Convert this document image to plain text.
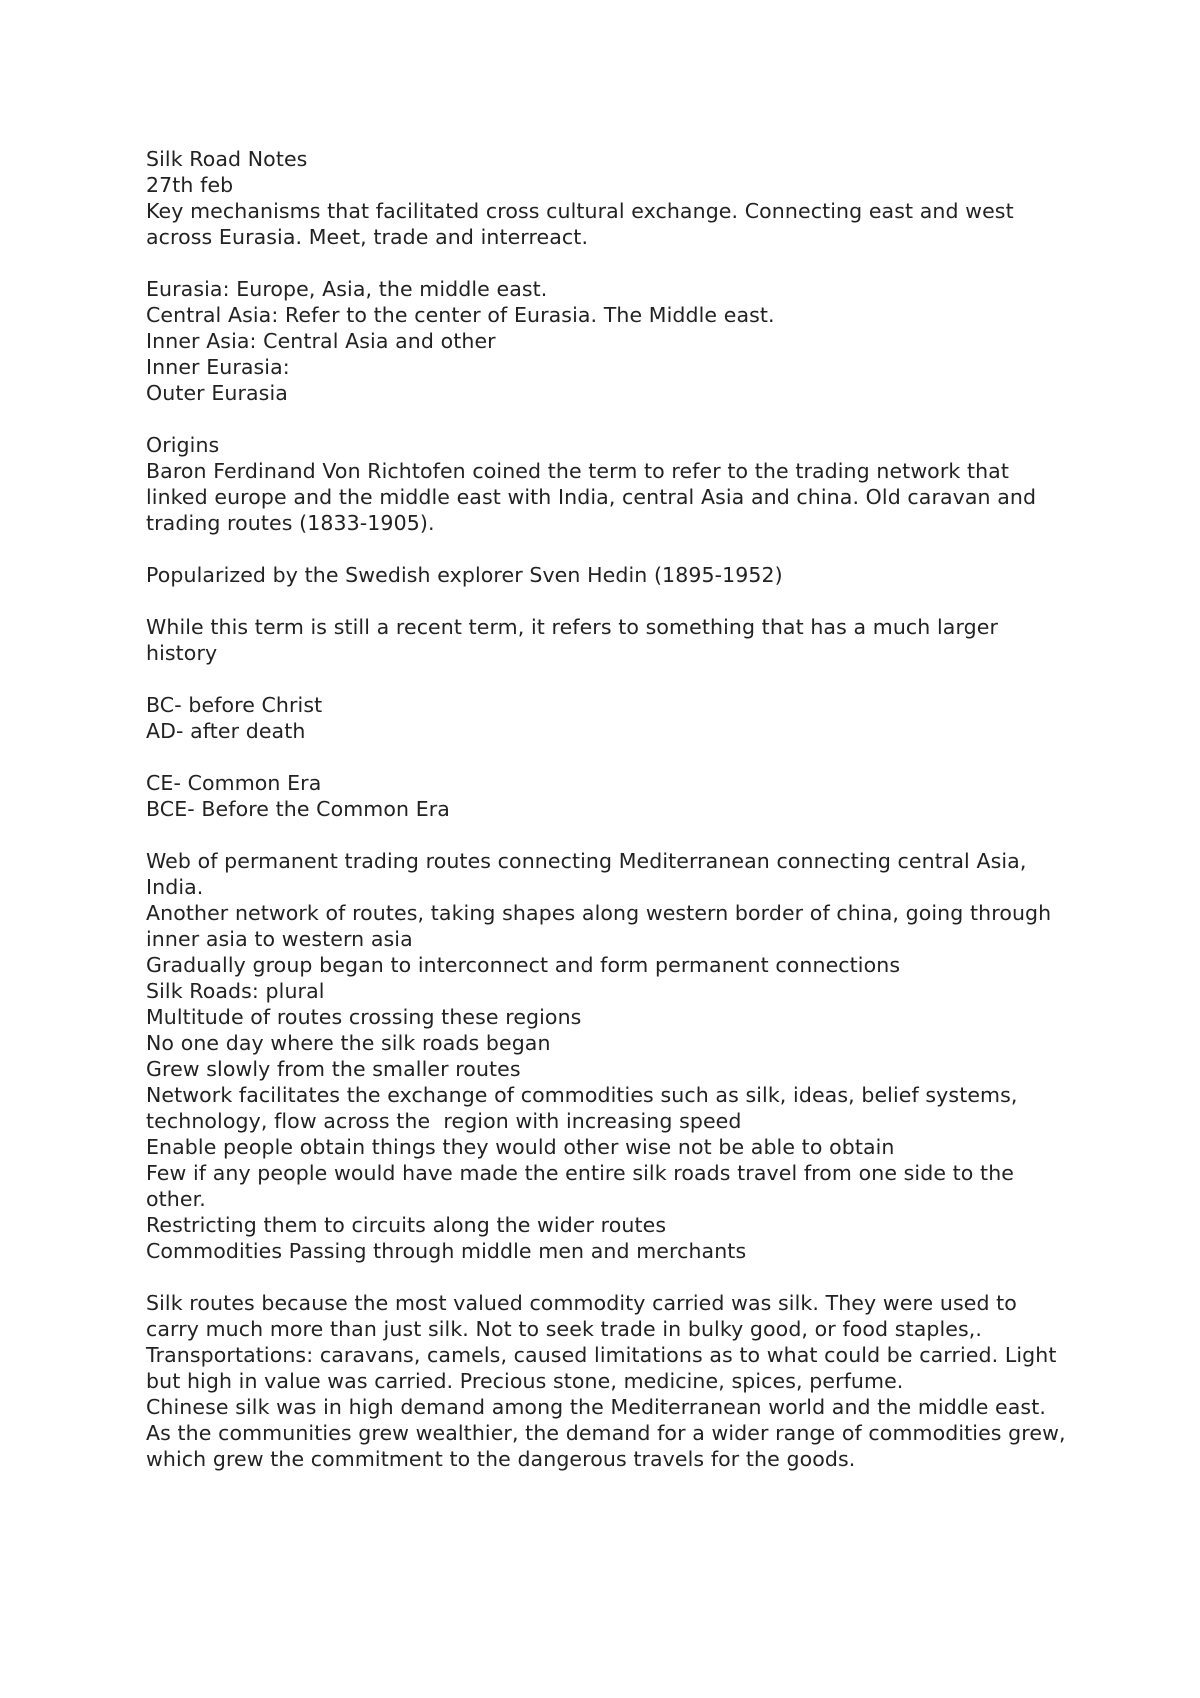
Silk Road Notes

27th feb

Key mechanisms that facilitated cross cultural exchange. Connecting east and west across Eurasia. Meet, trade and interreact.

Eurasia: Europe, Asia, the middle east.

Central Asia: Refer to the center of Eurasia. The Middle east.

Inner Asia: Central Asia and other

Inner Eurasia:

Outer Eurasia

Origins

Baron Ferdinand Von Richtofen coined the term to refer to the trading network that linked europe and the middle east with India, central Asia and china. Old caravan and trading routes (1833-1905).

Popularized by the Swedish explorer Sven Hedin (1895-1952)

While this term is still a recent term, it refers to something that has a much larger history

BC- before Christ

AD- after death

CE- Common Era

BCE- Before the Common Era

Web of permanent trading routes connecting Mediterranean connecting central Asia, India.

Another network of routes, taking shapes along western border of china, going through inner asia to western asia

Gradually group began to interconnect and form permanent connections

Silk Roads: plural

Multitude of routes crossing these regions

No one day where the silk roads began

Grew slowly from the smaller routes

Network facilitates the exchange of commodities such as silk, ideas, belief systems, technology, flow across the  region with increasing speed

Enable people obtain things they would other wise not be able to obtain

Few if any people would have made the entire silk roads travel from one side to the other.

Restricting them to circuits along the wider routes

Commodities Passing through middle men and merchants

Silk routes because the most valued commodity carried was silk. They were used to carry much more than just silk. Not to seek trade in bulky good, or food staples,. Transportations: caravans, camels, caused limitations as to what could be carried. Light but high in value was carried. Precious stone, medicine, spices, perfume.

Chinese silk was in high demand among the Mediterranean world and the middle east.

As the communities grew wealthier, the demand for a wider range of commodities grew, which grew the commitment to the dangerous travels for the goods.
